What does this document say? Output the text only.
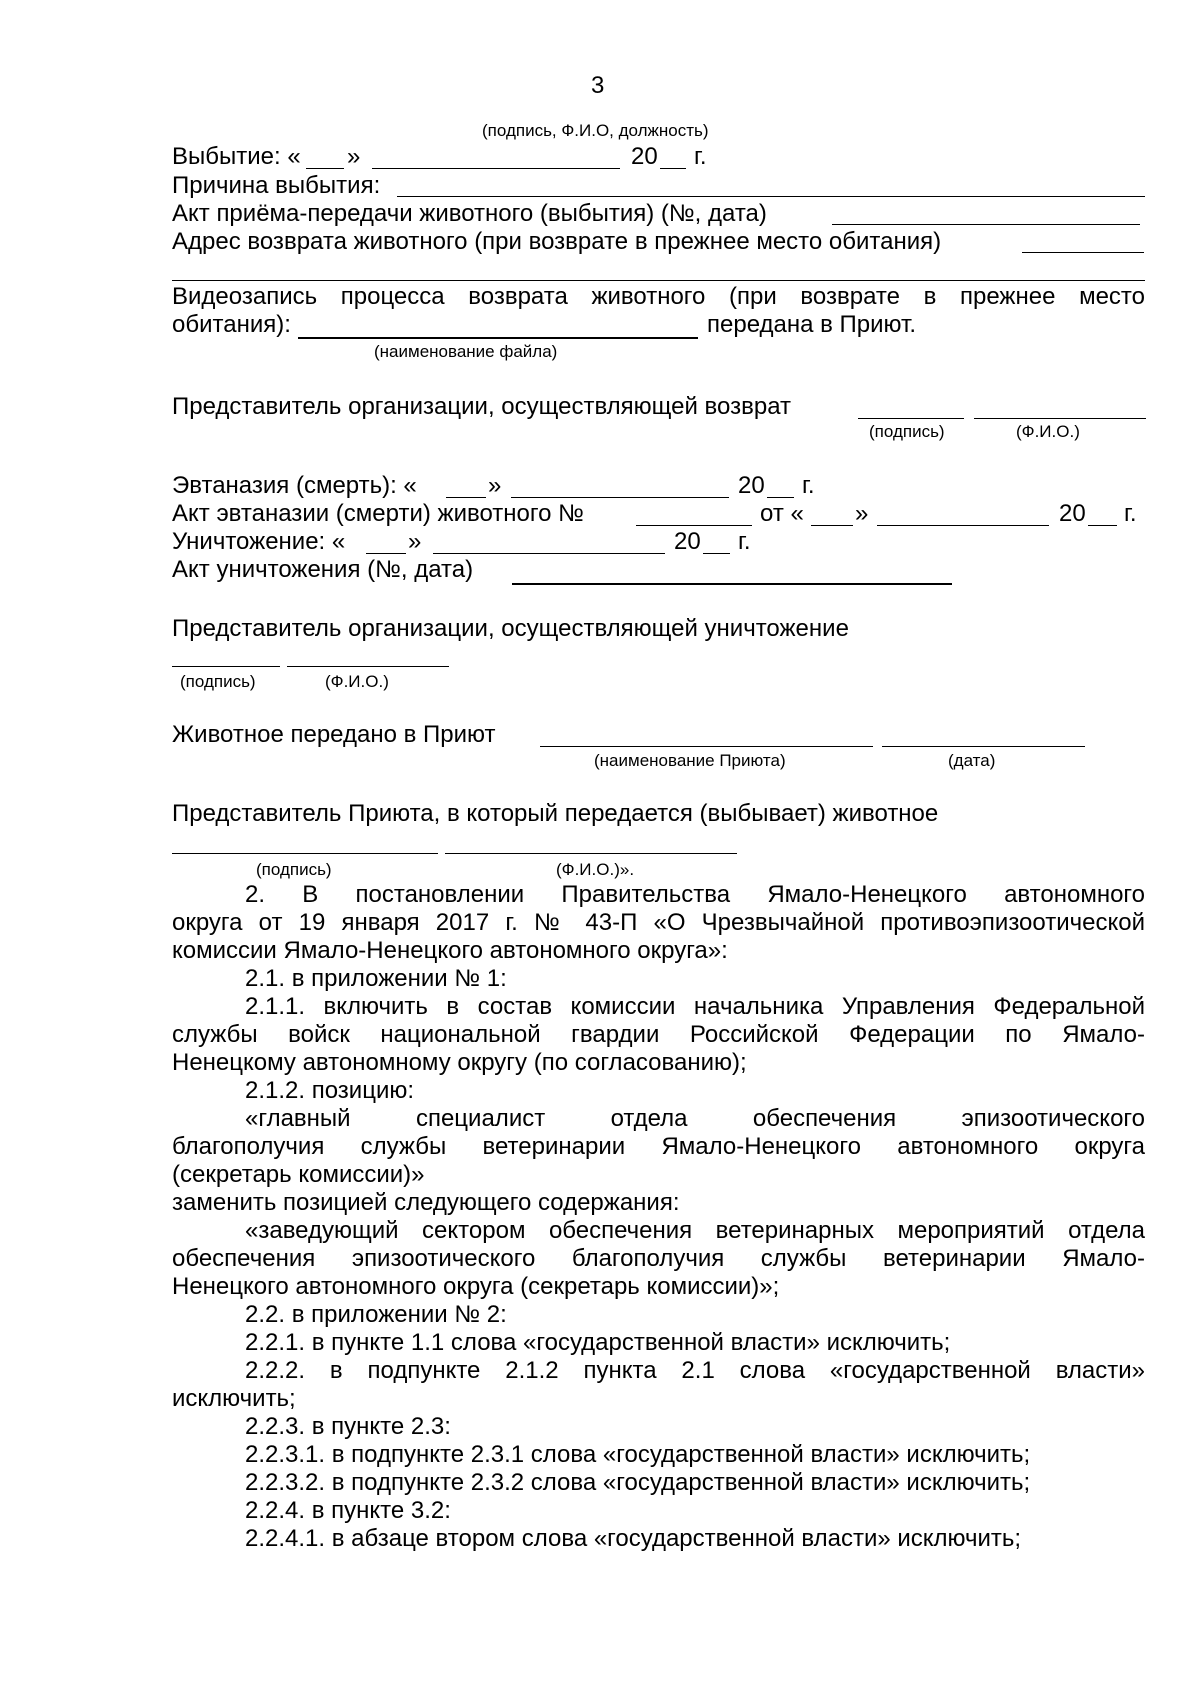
3
(подпись, Ф.И.О, должность)
Выбытие: « »	20 г.
Причина выбытия:
Акт приёма-передачи животного (выбытия) (№, дата)
Адрес возврата животного (при возврате в прежнее место обитания)
Видеозапись процесса возврата животного (при возврате в прежнее место
обитания):	передана в Приют.
(наименование файла)
Представитель организации, осуществляющей возврат
(подпись)	(Ф.И.О.)
Эвтаназия (смерть): «	»	20 г.
Акт эвтаназии (смерти) животного №	от « »	20 г.
Уничтожение: «	»	20 г.
Акт уничтожения (№, дата)
Представитель организации, осуществляющей уничтожение
(подпись)	(Ф.И.О.)
Животное передано в Приют
(наименование Приюта)	(дата)
Представитель Приюта, в который передается (выбывает) животное
(подпись)	(Ф.И.О.)».
2. В постановлении Правительства Ямало-Ненецкого автономного
округа от 19 января 2017 г. № 43-П «О Чрезвычайной противоэпизоотической
комиссии Ямало-Ненецкого автономного округа»:
2.1. в приложении № 1:
2.1.1. включить в состав комиссии начальника Управления Федеральной
службы войск национальной гвардии Российской Федерации по Ямало-
Ненецкому автономному округу (по согласованию);
2.1.2. позицию:
«главный специалист отдела обеспечения эпизоотического
благополучия службы ветеринарии Ямало-Ненецкого автономного округа
(секретарь комиссии)»
заменить позицией следующего содержания:
«заведующий сектором обеспечения ветеринарных мероприятий отдела
обеспечения эпизоотического благополучия службы ветеринарии Ямало-
Ненецкого автономного округа (секретарь комиссии)»;
2.2. в приложении № 2:
2.2.1. в пункте 1.1 слова «государственной власти» исключить;
2.2.2. в подпункте 2.1.2 пункта 2.1 слова «государственной власти»
исключить;
2.2.3. в пункте 2.3:
2.2.3.1. в подпункте 2.3.1 слова «государственной власти» исключить;
2.2.3.2. в подпункте 2.3.2 слова «государственной власти» исключить;
2.2.4. в пункте 3.2:
2.2.4.1. в абзаце втором слова «государственной власти» исключить;
